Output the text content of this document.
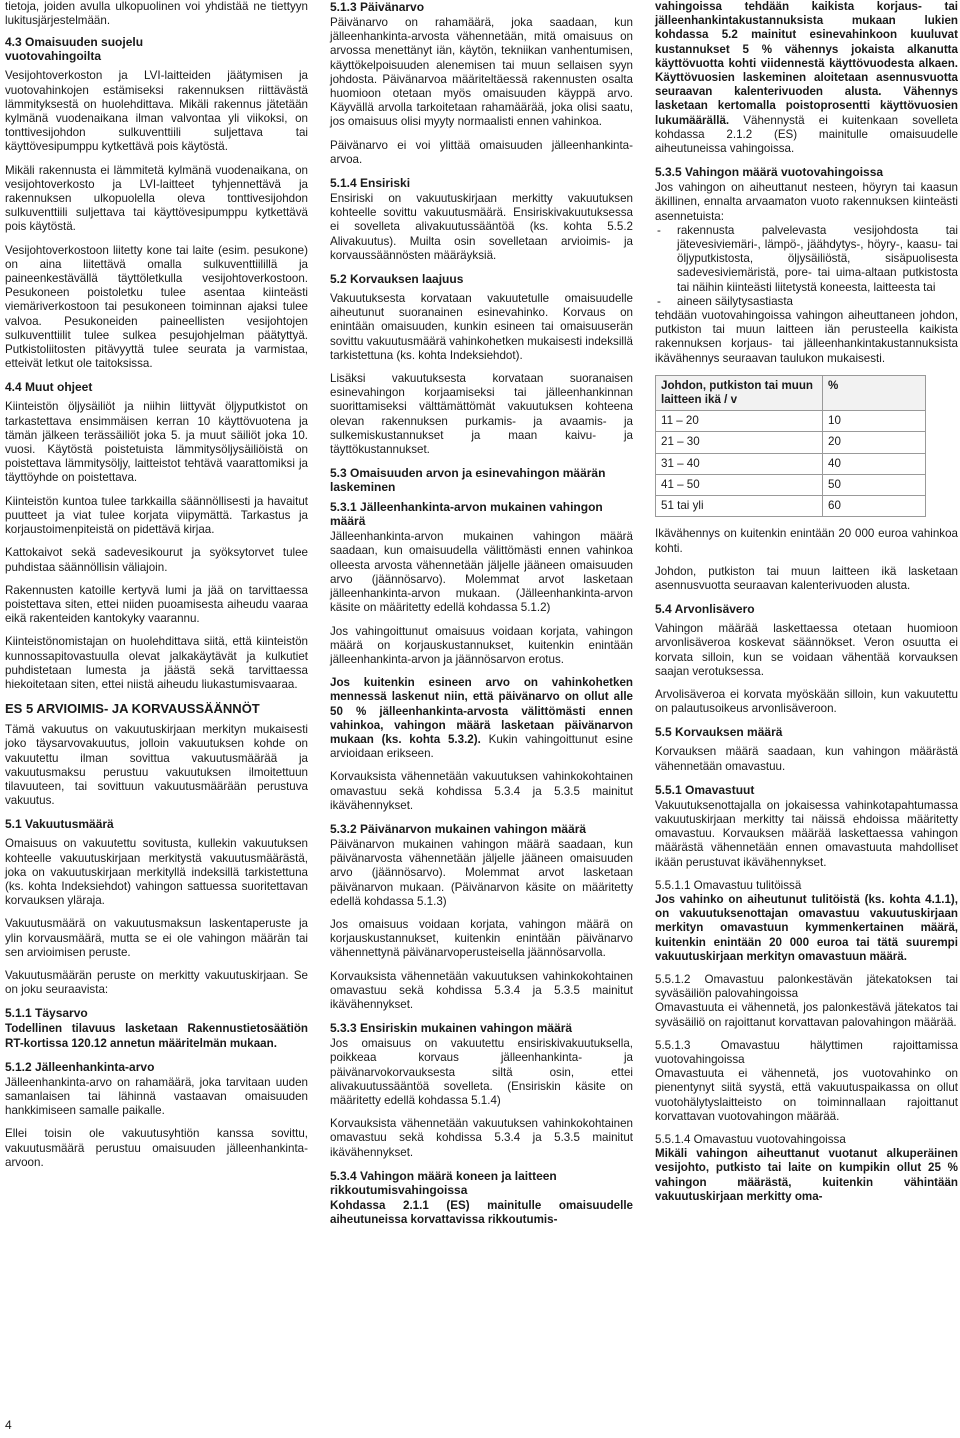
tietoja, joiden avulla ulkopuolinen voi yhdistää ne tiettyyn lukitusjärjestelmään.

4.3 Omaisuuden suojelu vuotovahingoilta

Vesijohtoverkoston ja LVI-laitteiden jäätymisen ja vuotovahinkojen estämiseksi rakennuksen riittävästä lämmityksestä on huolehdittava. Mikäli rakennus jätetään kylmänä vuodenaikana ilman valvontaa yli viikoksi, on tonttivesijohdon sulkuventtiili suljettava tai käyttövesipumppu kytkettävä pois käytöstä.

Mikäli rakennusta ei lämmitetä kylmänä vuodenaikana, on vesijohtoverkosto ja LVI-laitteet tyhjennettävä ja rakennuksen ulkopuolella oleva tonttivesijohdon sulkuventtiili suljettava tai käyttövesipumppu kytkettävä pois käytöstä.

Vesijohtoverkostoon liitetty kone tai laite (esim. pesukone) on aina liitettävä omalla sulkuventtiilillä ja paineenkestävällä täyttöletkulla vesijohtoverkostoon. Pesukoneen poistoletku tulee asentaa kiinteästi viemäriverkostoon tai pesukoneen toiminnan ajaksi tulee valvoa. Pesukoneiden paineellisten vesijohtojen sulkuventtiilit tulee sulkea pesujohjelman päätyttyä. Putkistoliitosten pitävyyttä tulee seurata ja varmistaa, etteivät letkut ole taitoksissa.

4.4 Muut ohjeet

Kiinteistön öljysäiliöt ja niihin liittyvät öljyputkistot on tarkastettava ensimmäisen kerran 10 käyttövuotena ja tämän jälkeen terässäiliöt joka 5. ja muut säiliöt joka 10. vuosi. Käytöstä poistetuista lämmitysöljysäiliöistä on poistettava lämmitysöljy, laitteistot tehtävä vaarattomiksi ja täyttöyhde on poistettava.

Kiinteistön kuntoa tulee tarkkailla säännöllisesti ja havaitut puutteet ja viat tulee korjata viipymättä. Tarkastus ja korjaustoimenpiteistä on pidettävä kirjaa.

Kattokaivot sekä sadevesikourut ja syöksytorvet tulee puhdistaa säännöllisin väliajoin.

Rakennusten katoille kertyvä lumi ja jää on tarvittaessa poistettava siten, ettei niiden puoamisesta aiheudu vaaraa eikä rakenteiden kantokyky vaarannu.

Kiinteistönomistajan on huolehdittava siitä, että kiinteistön kunnossapitovastuulla olevat jalkakäytävät ja kulkutiet puhdistetaan lumesta ja jäästä sekä tarvittaessa hiekoitetaan siten, ettei niistä aiheudu liukastumisvaaraa.

ES 5 ARVIOIMIS- JA KORVAUSSÄÄNNÖT

Tämä vakuutus on vakuutuskirjaan merkityn mukaisesti joko täysarvovakuutus, jolloin vakuutuksen kohde on vakuutettu ilman sovittua vakuutusmäärää ja vakuutusmaksu perustuu vakuutuksen ilmoitettuun tilavuuteen, tai sovittuun vakuutusmäärään perustuva vakuutus.

5.1 Vakuutusmäärä

Omaisuus on vakuutettu sovitusta, kullekin vakuutuksen kohteelle vakuutuskirjaan merkitystä vakuutusmäärästä, joka on vakuutuskirjaan merkityllä indeksillä tarkistettuna (ks. kohta Indeksiehdot) vahingon sattuessa suoritettavan korvauksen yläraja.

Vakuutusmäärä on vakuutusmaksun laskentaperuste ja ylin korvausmäärä, mutta se ei ole vahingon määrän tai sen arvioimisen peruste.

Vakuutusmäärän peruste on merkitty vakuutuskirjaan. Se on joku seuraavista:

5.1.1 Täysarvo

Todellinen tilavuus lasketaan Rakennustietosäätiön RT-kortissa 120.12 annetun määritelmän mukaan.

5.1.2 Jälleenhankinta-arvo

Jälleenhankinta-arvo on rahamäärä, joka tarvitaan uuden samanlaisen tai lähinnä vastaavan omaisuuden hankkimiseen samalle paikalle.

Ellei toisin ole vakuutusyhtiön kanssa sovittu, vakuutusmäärä perustuu omaisuuden jälleenhankinta-arvoon.

5.1.3 Päivänarvo

Päivänarvo on rahamäärä, joka saadaan, kun jälleenhankinta-arvosta vähennetään, mitä omaisuus on arvossa menettänyt iän, käytön, tekniikan vanhentumisen, käyttökelpoisuuden alenemisen tai muun sellaisen syyn johdosta. Päivänarvoa määriteltäessä rakennusten osalta huomioon otetaan myös omaisuuden käyppä arvo. Käyvällä arvolla tarkoitetaan rahamäärää, joka olisi saatu, jos omaisuus olisi myyty normaalisti ennen vahinkoa.

Päivänarvo ei voi ylittää omaisuuden jälleenhankinta-arvoa.

5.1.4 Ensiriski

Ensiriski on vakuutuskirjaan merkitty vakuutuksen kohteelle sovittu vakuutusmäärä. Ensiriskivakuutuksessa ei sovelleta alivakuutussääntöä (ks. kohta 5.5.2 Alivakuutus). Muilta osin sovelletaan arvioimis- ja korvaussäännösten määräyksiä.

5.2 Korvauksen laajuus

Vakuutuksesta korvataan vakuutetulle omaisuudelle aiheutunut suoranainen esinevahinko. Korvaus on enintään omaisuuden, kunkin esineen tai omaisuuserän sovittu vakuutusmäärä vahinkohetken mukaisesti indeksillä tarkistettuna (ks. kohta Indeksiehdot).

Lisäksi vakuutuksesta korvataan suoranaisen esinevahingon korjaamiseksi tai jälleenhankinnan suorittamiseksi välttämättömät vakuutuksen kohteena olevan rakennuksen purkamis- ja avaamis- ja sulkemiskustannukset ja maan kaivu- ja täyttökustannukset.

5.3 Omaisuuden arvon ja esinevahingon määrän laskeminen
5.3.1 Jälleenhankinta-arvon mukainen vahingon määrä

Jälleenhankinta-arvon mukainen vahingon määrä saadaan, kun omaisuudella välittömästi ennen vahinkoa olleesta arvosta vähennetään jäljelle jääneen omaisuuden arvo (jäännösarvo). Molemmat arvot lasketaan jälleenhankinta-arvon mukaan. (Jälleenhankinta-arvon käsite on määritetty edellä kohdassa 5.1.2)

Jos vahingoittunut omaisuus voidaan korjata, vahingon määrä on korjauskustannukset, kuitenkin enintään jälleenhankinta-arvon ja jäännösarvon erotus.

Jos kuitenkin esineen arvo on vahinkohetken mennessä laskenut niin, että päivänarvo on ollut alle 50 % jälleenhankinta-arvosta välittömästi ennen vahinkoa, vahingon määrä lasketaan päivänarvon mukaan (ks. kohta 5.3.2). Kukin vahingoittunut esine arvioidaan erikseen.

Korvauksista vähennetään vakuutuksen vahinkokohtainen omavastuu sekä kohdissa 5.3.4 ja 5.3.5 mainitut ikävähennykset.

5.3.2 Päivänarvon mukainen vahingon määrä

Päivänarvon mukainen vahingon määrä saadaan, kun päivänarvosta vähennetään jäljelle jääneen omaisuuden arvo (jäännösarvo). Molemmat arvot lasketaan päivänarvon mukaan. (Päivänarvon käsite on määritetty edellä kohdassa 5.1.3)

Jos omaisuus voidaan korjata, vahingon määrä on korjauskustannukset, kuitenkin enintään päivänarvo vähennettynä päivänarvoperusteisella jäännösarvolla.

Korvauksista vähennetään vakuutuksen vahinkokohtainen omavastuu sekä kohdissa 5.3.4 ja 5.3.5 mainitut ikävähennykset.

5.3.3 Ensiriskin mukainen vahingon määrä

Jos omaisuus on vakuutettu ensiriskivakuutuksella, poikkeaa korvaus jälleenhankinta- ja päivänarvokorvauksesta siltä osin, ettei alivakuutussääntöä sovelleta. (Ensiriskin käsite on määritetty edellä kohdassa 5.1.4)

Korvauksista vähennetään vakuutuksen vahinkokohtainen omavastuu sekä kohdissa 5.3.4 ja 5.3.5 mainitut ikävähennykset.

5.3.4 Vahingon määrä koneen ja laitteen rikkoutumisvahingoissa

Kohdassa 2.1.1 (ES) mainitulle omaisuudelle aiheutuneissa korvattavissa rikkoutumis-

vahingoissa tehdään kaikista korjaus- tai jälleenhankintakustannuksista mukaan lukien kohdassa 5.2 mainitut esinevahinkoon kuuluvat kustannukset 5 % vähennys jokaista alkanutta käyttövuotta kohti viidennestä käyttövuodesta alkaen. Käyttövuosien laskeminen aloitetaan asennusvuotta seuraavan kalenterivuoden alusta. Vähennys lasketaan kertomalla poistoprosentti käyttövuosien lukumäärällä. Vähennystä ei kuitenkaan sovelleta kohdassa 2.1.2 (ES) mainitulle omaisuudelle aiheutuneissa vahingoissa.

5.3.5 Vahingon määrä vuotovahingoissa

Jos vahingon on aiheuttanut nesteen, höyryn tai kaasun äkillinen, ennalta arvaamaton vuoto rakennuksen kiinteästi asennetuista:

- rakennusta palvelevasta vesijohdosta tai jätevesiviemäri-, lämpö-, jäähdytys-, höyry-, kaasu- tai öljyputkistosta, öljysäiliöstä, sisäpuolisesta sadevesiviemäristä, pore- tai uima-altaan putkistosta tai näihin kiinteästi liitetystä koneesta, laitteesta tai
- aineen säilytysastiasta

tehdään vuotovahingoissa vahingon aiheuttaneen johdon, putkiston tai muun laitteen iän perusteella kaikista rakennuksen korjaus- tai jälleenhankintakustannuksista ikävähennys seuraavan taulukon mukaisesti.

Johdon, putkiston tai muun laitteen ikä / v	%
11 – 20	10
21 – 30	20
31 – 40	40
41 – 50	50
51 tai yli	60

Ikävähennys on kuitenkin enintään 20 000 euroa vahinkoa kohti.

Johdon, putkiston tai muun laitteen ikä lasketaan asennusvuotta seuraavan kalenterivuoden alusta.

5.4 Arvonlisävero

Vahingon määrää laskettaessa otetaan huomioon arvonlisäveroa koskevat säännökset. Veron osuutta ei korvata silloin, kun se voidaan vähentää korvauksen saajan verotuksessa.

Arvolisäveroa ei korvata myöskään silloin, kun vakuutettu on palautusoikeus arvonlisäveroon.

5.5 Korvauksen määrä

Korvauksen määrä saadaan, kun vahingon määrästä vähennetään omavastuu.

5.5.1 Omavastuut

Vakuutuksenottajalla on jokaisessa vahinkotapahtumassa vakuutuskirjaan merkitty tai näissä ehdoissa määritetty omavastuu. Korvauksen määrää laskettaessa vahingon määrästä vähennetään ennen omavastuuta mahdolliset ikään perustuvat ikävähennykset.

5.5.1.1 Omavastuu tulitöissä

Jos vahinko on aiheutunut tulitöistä (ks. kohta 4.1.1), on vakuutuksenottajan omavastuu vakuutuskirjaan merkityn omavastuun kymmenkertainen määrä, kuitenkin enintään 20 000 euroa tai tätä suurempi vakuutuskirjaan merkityn omavastuun määrä.

5.5.1.2 Omavastuu palonkestävän jätekatoksen tai syväsäiliön palovahingoissa

Omavastuuta ei vähennetä, jos palonkestävä jätekatos tai syväsäiliö on rajoittanut korvattavan palovahingon määrää.

5.5.1.3 Omavastuu hälyttimen rajoittamissa vuotovahingoissa

Omavastuuta ei vähennetä, jos vuotovahinko on pienentynyt siitä syystä, että vakuutuspaikassa on ollut vuotohälytyslaitteisto on toiminnallaan rajoittanut korvattavan vuotovahingon määrää.

5.5.1.4 Omavastuu vuotovahingoissa

Mikäli vahingon aiheuttanut vuotanut alkuperäinen vesijohto, putkisto tai laite on kumpikin ollut 25 % vahingon määrästä, kuitenkin vähintään vakuutuskirjaan merkitty oma-

4
